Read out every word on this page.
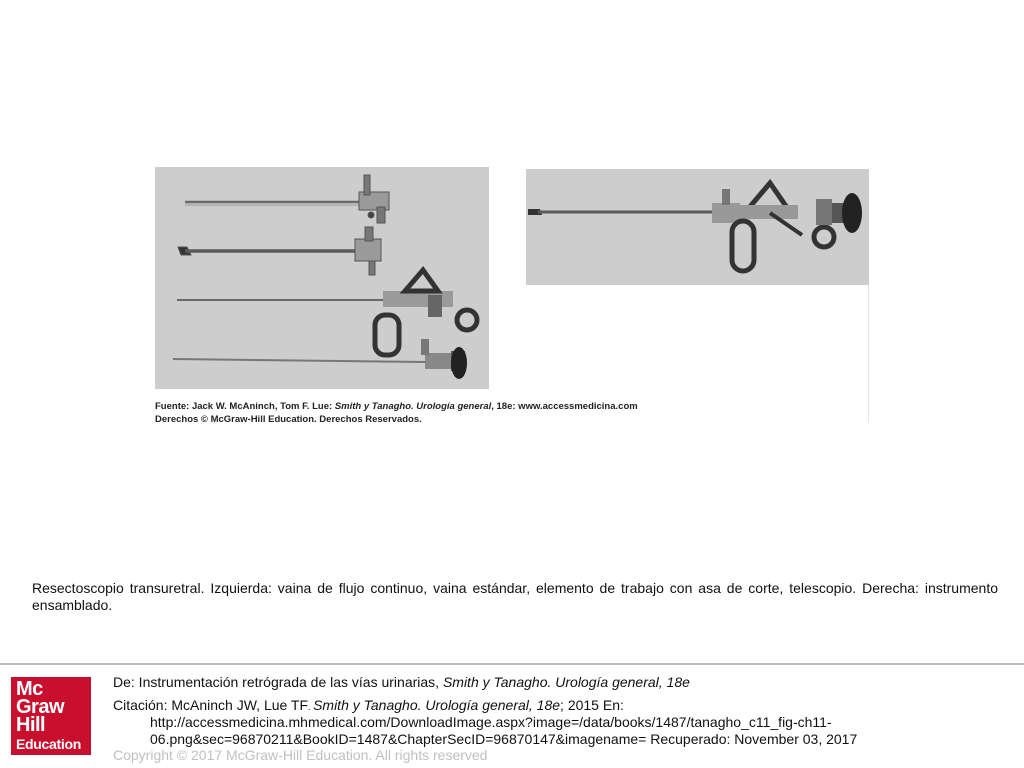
Fuente: Jack W. McAninch, Tom F. Lue: Smith y Tanagho. Urología general, 18e: www.accessmedicina.com
Derechos © McGraw-Hill Education. Derechos Reservados.
Resectoscopio transuretral. Izquierda: vaina de flujo continuo, vaina estándar, elemento de trabajo con asa de corte, telescopio. Derecha: instrumento ensamblado.
Mc
Graw
Hill
Education
De: Instrumentación retrógrada de las vías urinarias, Smith y Tanagho. Urología general, 18e
Citación: McAninch JW, Lue TF. Smith y Tanagho. Urología general, 18e; 2015 En:
http://accessmedicina.mhmedical.com/DownloadImage.aspx?image=/data/books/1487/tanagho_c11_fig-ch11-
06.png&sec=96870211&BookID=1487&ChapterSecID=96870147&imagename= Recuperado: November 03, 2017
Copyright © 2017 McGraw-Hill Education. All rights reserved
